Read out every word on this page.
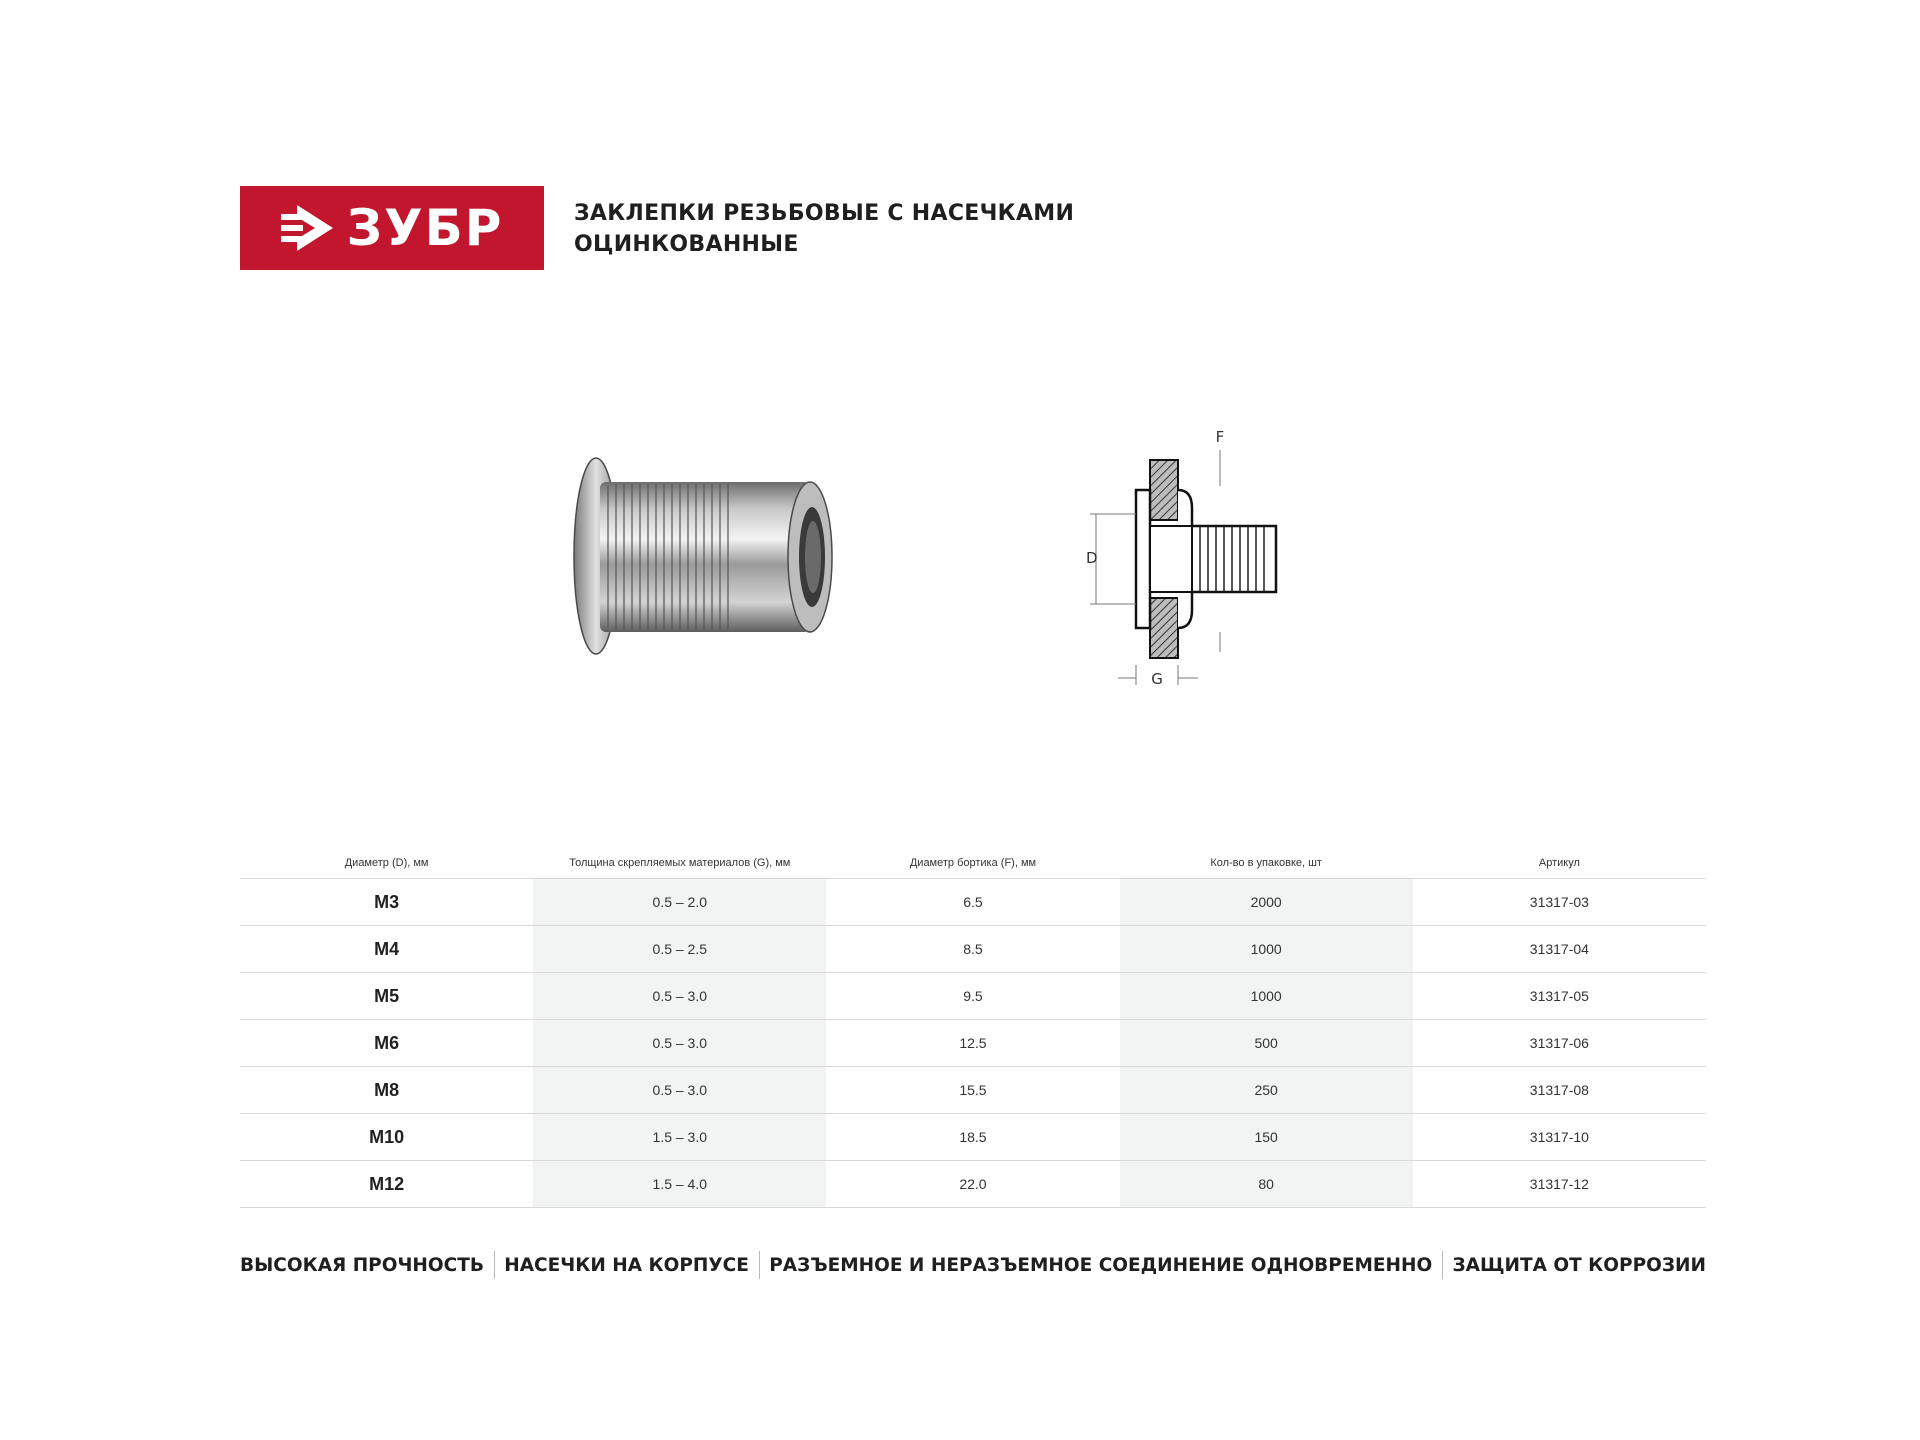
ЗУБР	ЗАКЛЕПКИ РЕЗЬБОВЫЕ С НАСЕЧКАМИ
ОЦИНКОВАННЫЕ
F
D
G
Диаметр (D), мм	Толщина скрепляемых материалов (G), мм	Диаметр бортика (F), мм	Кол-во в упаковке, шт	Артикул
M3	0.5 – 2.0	6.5	2000	31317-03
M4	0.5 – 2.5	8.5	1000	31317-04
M5	0.5 – 3.0	9.5	1000	31317-05
M6	0.5 – 3.0	12.5	500	31317-06
M8	0.5 – 3.0	15.5	250	31317-08
M10	1.5 – 3.0	18.5	150	31317-10
M12	1.5 – 4.0	22.0	80	31317-12
ВЫСОКАЯ ПРОЧНОСТЬ НАСЕЧКИ НА КОРПУСЕ РАЗЪЕМНОЕ И НЕРАЗЪЕМНОЕ СОЕДИНЕНИЕ ОДНОВРЕМЕННО ЗАЩИТА ОТ КОРРОЗИИ
